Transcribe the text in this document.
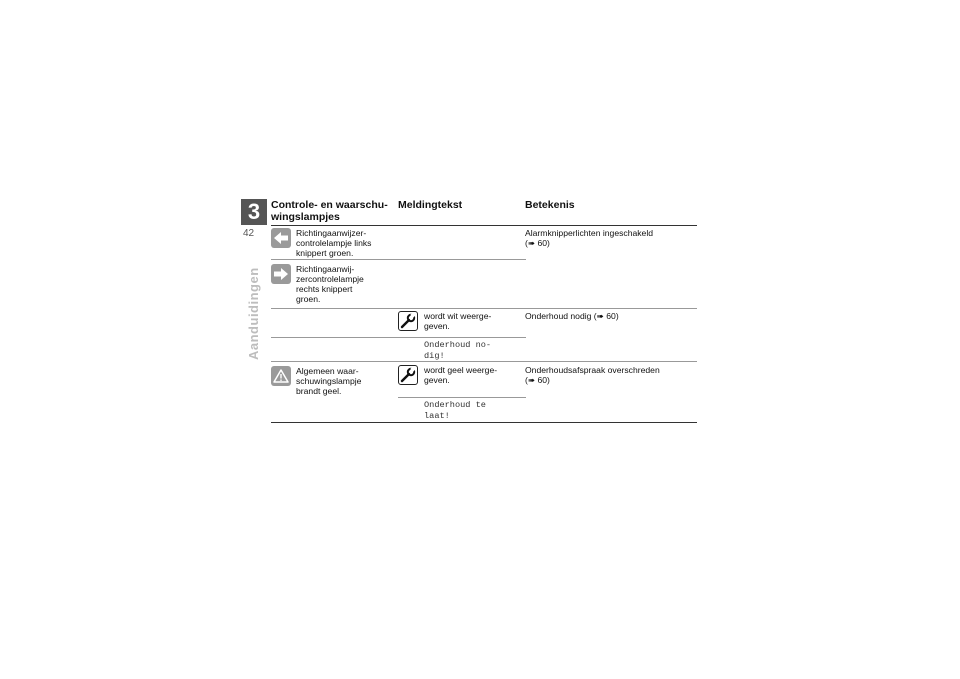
3
42
Aanduidingen
Controle- en waarschu-
wingslampjes
Meldingtekst	Betekenis
Richtingaanwijzer-
controlelampje links
knippert groen.
Alarmknipperlichten ingeschakeld
(➠ 60)
Richtingaanwij-
zercontrolelampje
rechts knippert
groen.
wordt wit weerge-
geven.
Onderhoud nodig (➠ 60)
Onderhoud no-
dig!
Algemeen waar-
schuwingslampje
brandt geel.
wordt geel weerge-
geven.
Onderhoudsafspraak overschreden
(➠ 60)
Onderhoud te
laat!
